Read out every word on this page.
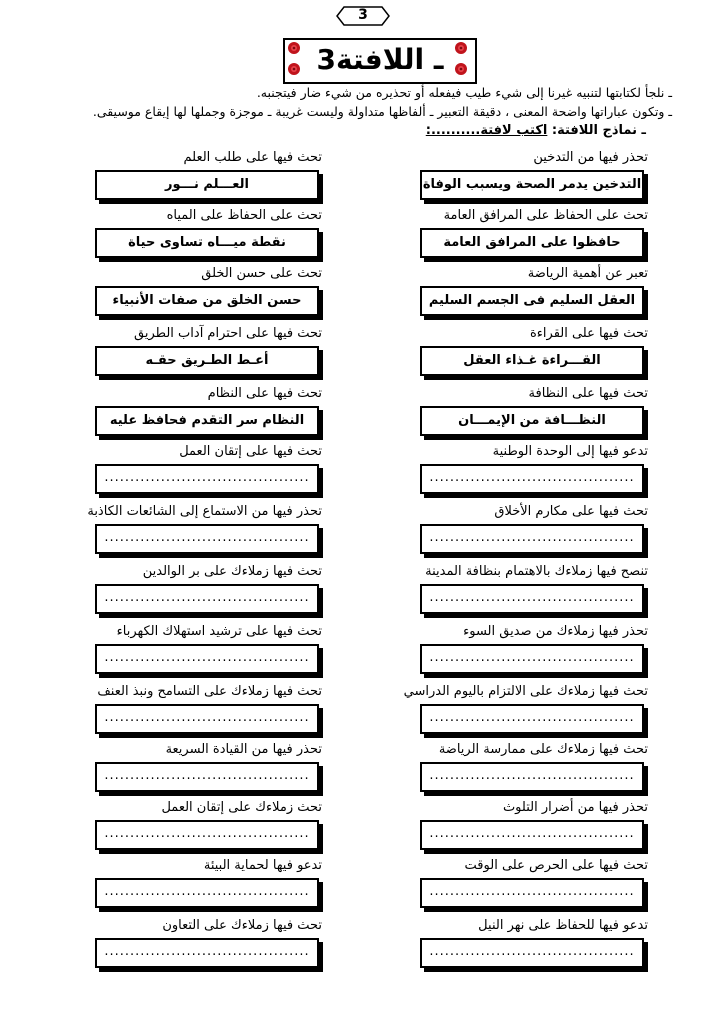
3
ـ اللافتة3
ـ نلجأ لكتابتها لتنبيه غيرنا إلى شيء طيب فيفعله أو تحذيره من شيء ضار فيتجنبه.
ـ وتكون عباراتها واضحة المعنى ، دقيقة التعبير ـ ألفاظها متداولة وليست غريبة ـ موجزة وجملها لها إيقاع موسيقى.
ـ نماذج اللافتة: اكتب لافتة..........:
تحذر فيها من التدخين
التدخين يدمر الصحة ويسبب الوفاة
تحث فيها على طلب العلم
العـــلم نـــور
تحث على الحفاظ على المرافق العامة
حافظوا على المرافق العامة
تحث على الحفاظ على المياه
نقطة ميـــاه تساوى حياة
تعبر عن أهمية الرياضة
العقل السليم فى الجسم السليم
تحث على حسن الخلق
حسن الخلق من صفات الأنبياء
تحث فيها على القراءة
القـــراءة غـذاء العقل
تحث فيها على احترام آداب الطريق
أعـط الطـريق حقـه
تحث فيها على النظافة
النظـــافة من الإيمـــان
تحث فيها على النظام
النظام سر التقدم فحافظ عليه
تدعو فيها إلى الوحدة الوطنية
........................................
تحث فيها على إتقان العمل
........................................
تحث فيها على مكارم الأخلاق
........................................
تحذر فيها من الاستماع إلى الشائعات الكاذبة
........................................
تنصح فيها زملاءك بالاهتمام بنظافة المدينة
........................................
تحث فيها زملاءك على بر الوالدين
........................................
تحذر فيها زملاءك من صديق السوء
........................................
تحث فيها على ترشيد استهلاك الكهرباء
........................................
تحث فيها زملاءك على الالتزام باليوم الدراسي
........................................
تحث فيها زملاءك على التسامح ونبذ العنف
........................................
تحث فيها زملاءك على ممارسة الرياضة
........................................
تحذر فيها من القيادة السريعة
........................................
تحذر فيها من أضرار التلوث
........................................
تحث زملاءك على إتقان العمل
........................................
تحث فيها على الحرص على الوقت
........................................
تدعو فيها لحماية البيئة
........................................
تدعو فيها للحفاظ على نهر النيل
........................................
تحث فيها زملاءك على التعاون
........................................
